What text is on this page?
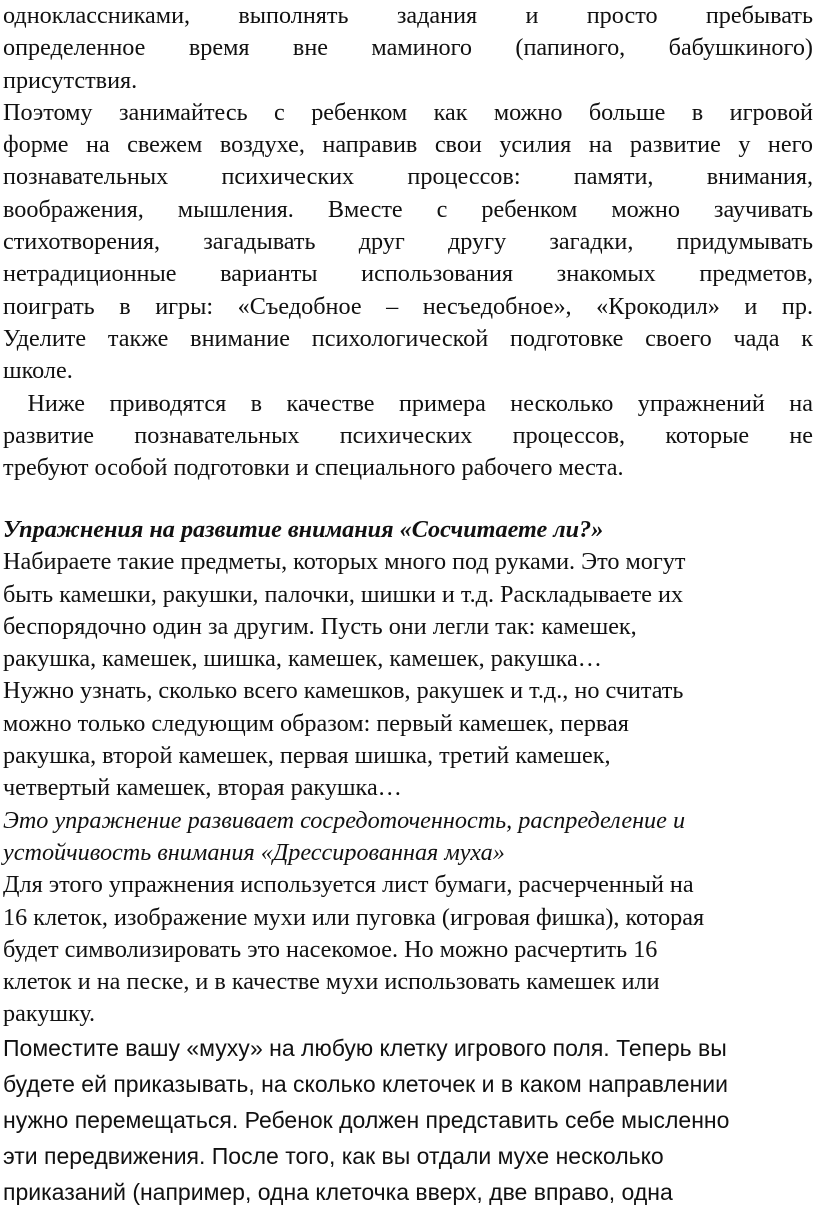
одноклассниками, выполнять задания и просто пребывать

определенное время вне маминого (папиного, бабушкиного)

присутствия.

Поэтому занимайтесь с ребенком как можно больше в игровой

форме на свежем воздухе, направив свои усилия на развитие у него

познавательных психических процессов: памяти, внимания,

воображения, мышления. Вместе с ребенком можно заучивать

стихотворения, загадывать друг другу загадки, придумывать

нетрадиционные варианты использования знакомых предметов,

поиграть в игры: «Съедобное – несъедобное», «Крокодил» и пр.

Уделите также внимание психологической подготовке своего чада к

школе.

Ниже приводятся в качестве примера несколько упражнений на

развитие познавательных психических процессов, которые не

требуют особой подготовки и специального рабочего места.

Упражнения на развитие внимания «Сосчитаете ли?»

Набираете такие предметы, которых много под руками. Это могут

быть камешки, ракушки, палочки, шишки и т.д. Раскладываете их

беспорядочно один за другим. Пусть они легли так: камешек,

ракушка, камешек, шишка, камешек, камешек, ракушка…

Нужно узнать, сколько всего камешков, ракушек и т.д., но считать

можно только следующим образом: первый камешек, первая

ракушка, второй камешек, первая шишка, третий камешек,

четвертый камешек, вторая ракушка…

Это упражнение развивает сосредоточенность, распределение и

устойчивость внимания «Дрессированная муха»

Для этого упражнения используется лист бумаги, расчерченный на

16 клеток, изображение мухи или пуговка (игровая фишка), которая

будет символизировать это насекомое. Но можно расчертить 16

клеток и на песке, и в качестве мухи использовать камешек или

ракушку.

Поместите вашу «муху» на любую клетку игрового поля. Теперь вы

будете ей приказывать, на сколько клеточек и в каком направлении

нужно перемещаться. Ребенок должен представить себе мысленно

эти передвижения. После того, как вы отдали мухе несколько

приказаний (например, одна клеточка вверх, две вправо, одна
